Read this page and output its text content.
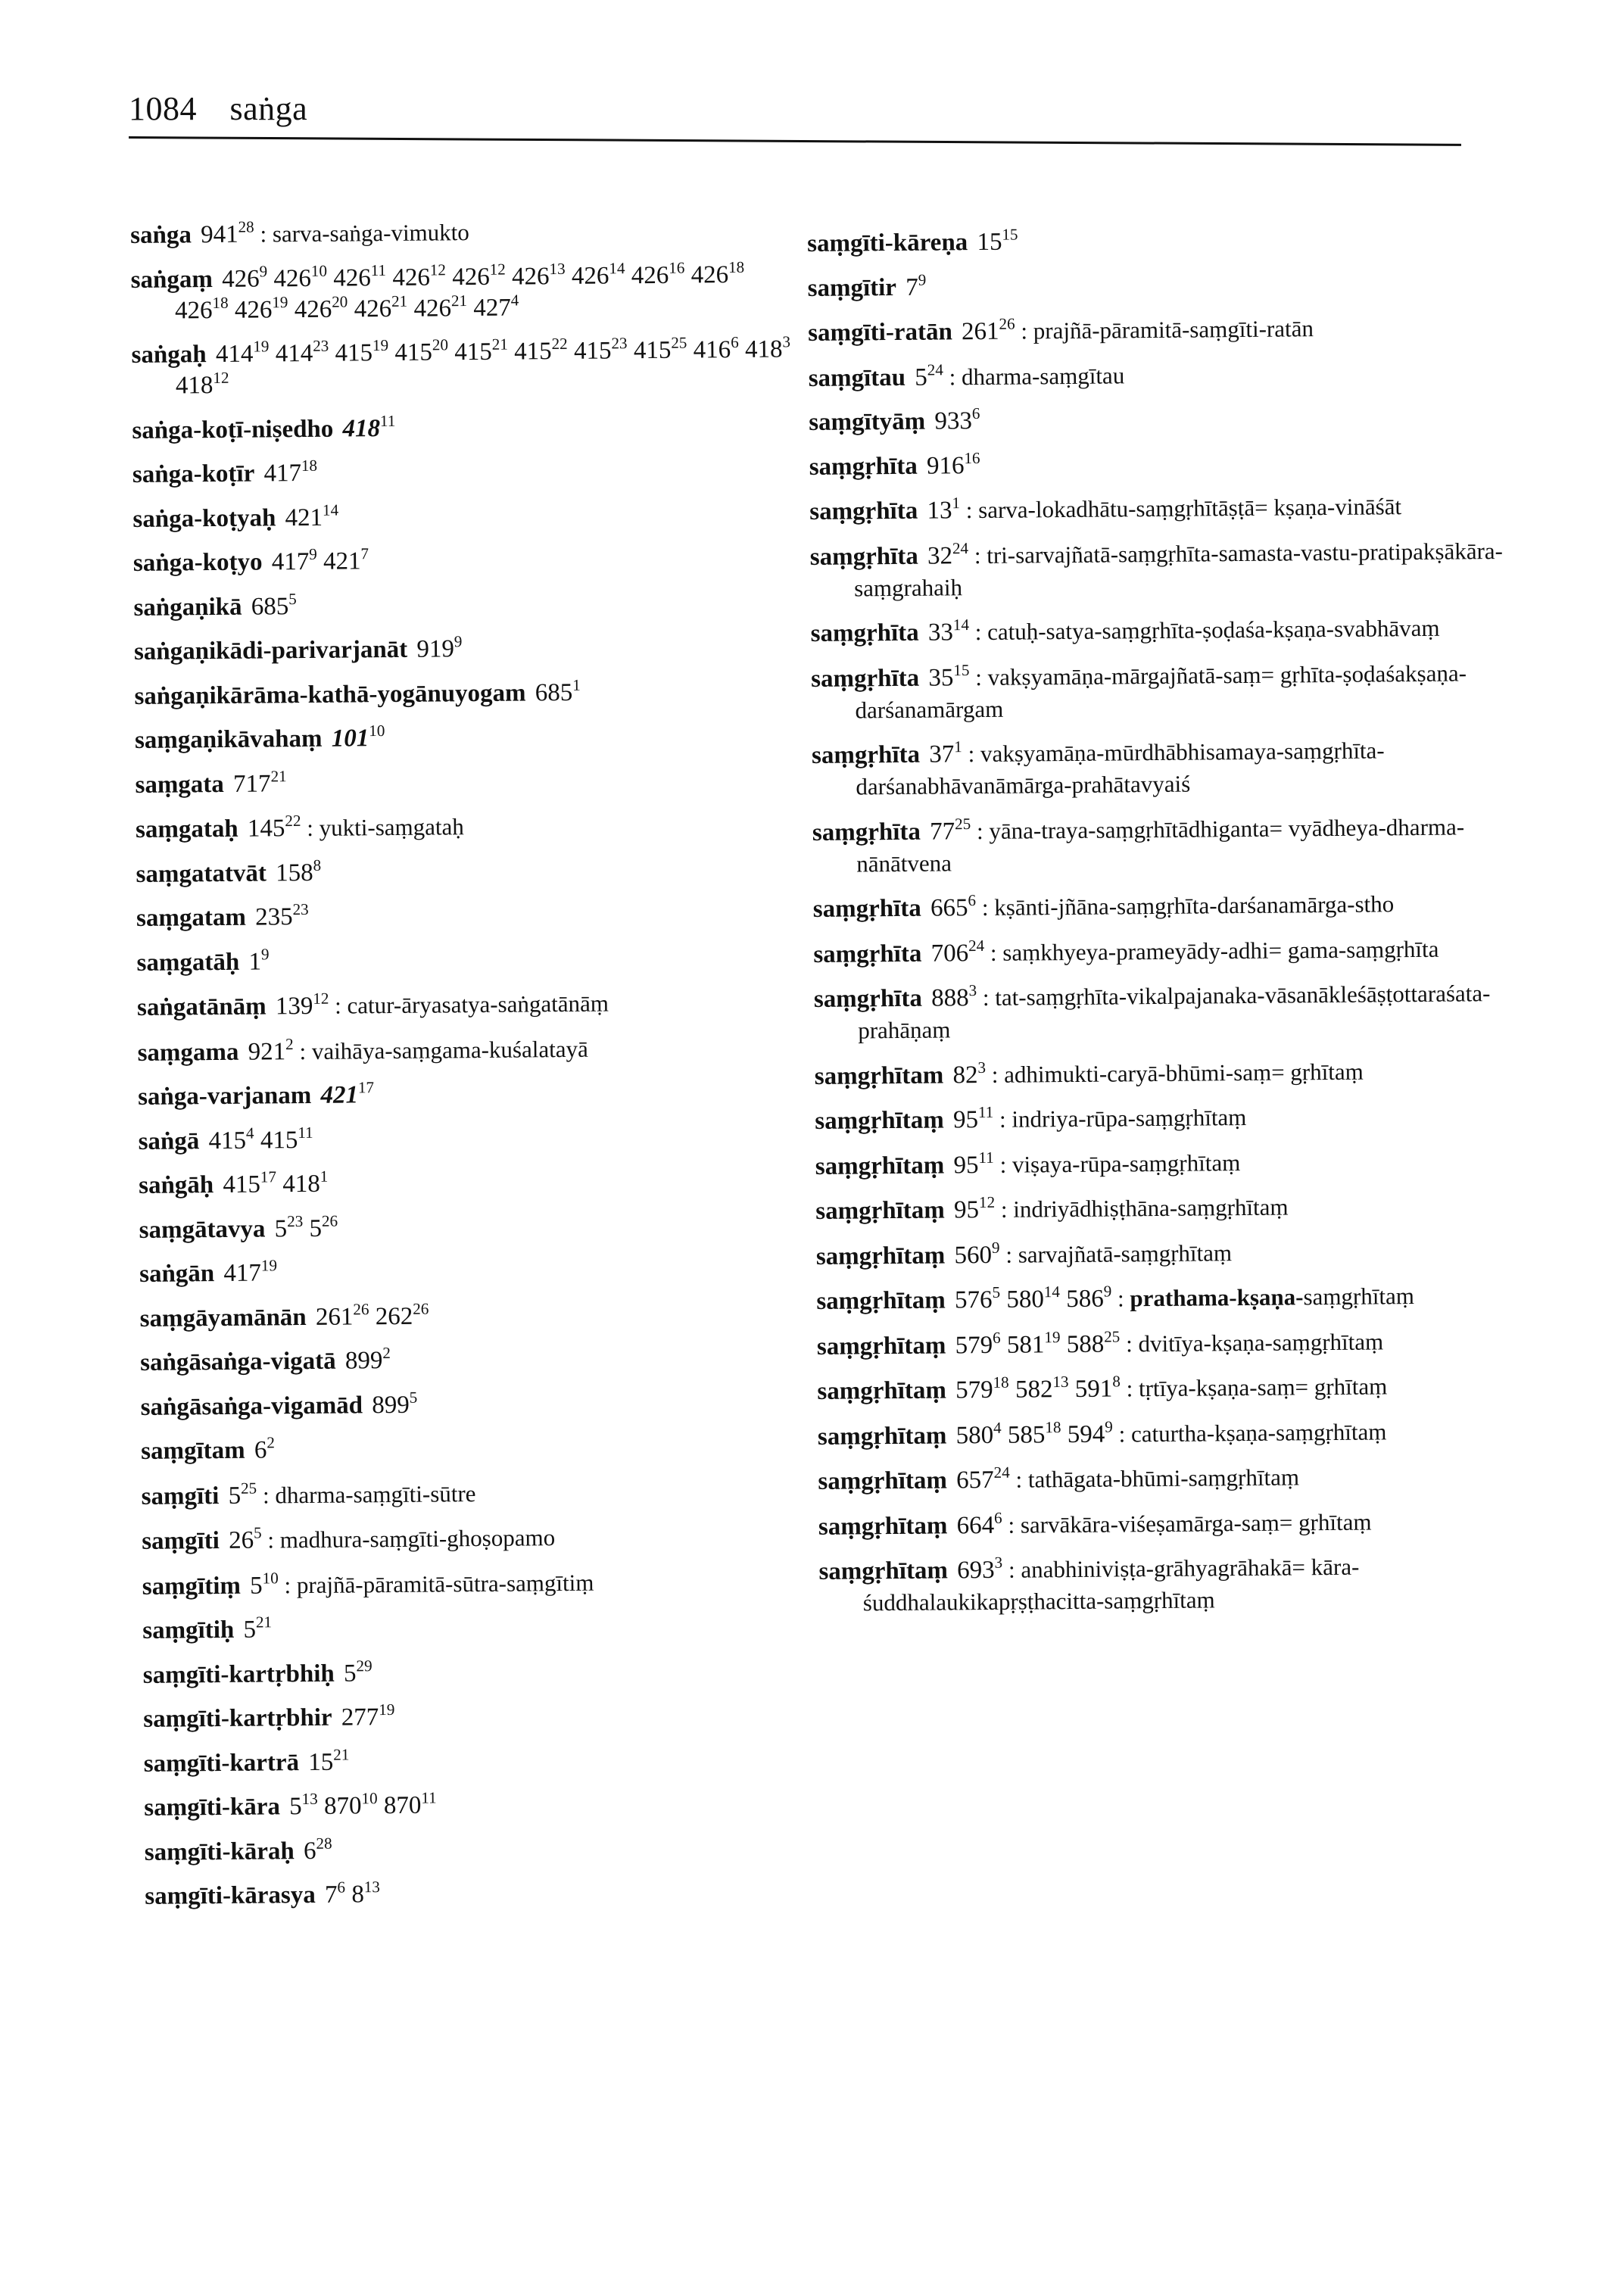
1084 saṅga
saṅga $941^{28}$ : sarva-saṅga-vimukto
saṅgaṃ $426^9$ $426^{10}$ $426^{11}$ $426^{12}$ $426^{12}$ $426^{13}$ $426^{14}$ $426^{16}$ $426^{18}$ $426^{18}$ $426^{19}$ $426^{20}$ $426^{21}$ $426^{21}$ $427^4$
saṅgaḥ $414^{19}$ $414^{23}$ $415^{19}$ $415^{20}$ $415^{21}$ $415^{22}$ $415^{23}$ $415^{25}$ $416^6$ $418^3$ $418^{12}$
saṅga-koṭī-niṣedho $418^{11}$
saṅga-koṭīr $417^{18}$
saṅga-koṭyaḥ $421^{14}$
saṅga-koṭyo $417^9$ $421^7$
saṅgaṇikā $685^5$
saṅgaṇikādi-parivarjanāt $919^9$
saṅgaṇikārāma-kathā-yogānuyogam $685^1$
saṃgaṇikāvahaṃ $101^{10}$
saṃgata $717^{21}$
saṃgataḥ $145^{22}$ : yukti-saṃgataḥ
saṃgatatvāt $158^8$
saṃgatam $235^{23}$
saṃgatāḥ $1^9$
saṅgatānāṃ $139^{12}$ : catur-āryasatya-saṅgatānāṃ
saṃgama $921^2$ : vaihāya-saṃgama-kuśalatayā
saṅga-varjanam $421^{17}$
saṅgā $415^4$ $415^{11}$
saṅgāḥ $415^{17}$ $418^1$
saṃgātavya $5^{23}$ $5^{26}$
saṅgān $417^{19}$
saṃgāyamānān $261^{26}$ $262^{26}$
saṅgāsaṅga-vigatā $899^2$
saṅgāsaṅga-vigamād $899^5$
saṃgītam $6^2$
saṃgīti $5^{25}$ : dharma-saṃgīti-sūtre
saṃgīti $26^5$ : madhura-saṃgīti-ghoṣopamo
saṃgītiṃ $5^{10}$ : prajñā-pāramitā-sūtra-saṃgītiṃ
saṃgītiḥ $5^{21}$
saṃgīti-kartṛbhiḥ $5^{29}$
saṃgīti-kartṛbhir $277^{19}$
saṃgīti-kartrā $15^{21}$
saṃgīti-kāra $5^{13}$ $870^{10}$ $870^{11}$
saṃgīti-kāraḥ $6^{28}$
saṃgīti-kārasya $7^6$ $8^{13}$
saṃgīti-kāreṇa $15^{15}$
saṃgītir $7^9$
saṃgīti-ratān $261^{26}$ : prajñā-pāramitā-saṃgīti-ratān
saṃgītau $5^{24}$ : dharma-saṃgītau
saṃgītyāṃ $933^6$
saṃgṛhīta $916^{16}$
saṃgṛhīta $13^1$ : sarva-lokadhātu-saṃgṛhītāṣṭā= kṣaṇa-vināśāt
saṃgṛhīta $32^{24}$ : tri-sarvajñatā-saṃgṛhīta-samasta-vastu-pratipakṣākāra-saṃgrahaiḥ
saṃgṛhīta $33^{14}$ : catuḥ-satya-saṃgṛhīta-ṣoḍaśa-kṣaṇa-svabhāvaṃ
saṃgṛhīta $35^{15}$ : vakṣyamāṇa-mārgajñatā-saṃ= gṛhīta-ṣoḍaśakṣaṇa-darśanamārgam
saṃgṛhīta $37^1$ : vakṣyamāṇa-mūrdhābhisamaya-saṃgṛhīta-darśanabhāvanāmārga-prahātavyaiś
saṃgṛhīta $77^{25}$ : yāna-traya-saṃgṛhītādhiganta= vyādheya-dharma-nānātvena
saṃgṛhīta $665^6$ : kṣānti-jñāna-saṃgṛhīta-darśanamārga-stho
saṃgṛhīta $706^{24}$ : saṃkhyeya-prameyādy-adhi= gama-saṃgṛhīta
saṃgṛhīta $888^3$ : tat-saṃgṛhīta-vikalpajanaka-vāsanākleśāṣṭottaraśata-prahāṇaṃ
saṃgṛhītam $82^3$ : adhimukti-caryā-bhūmi-saṃ= gṛhītaṃ
saṃgṛhītaṃ $95^{11}$ : indriya-rūpa-saṃgṛhītaṃ
saṃgṛhītaṃ $95^{11}$ : viṣaya-rūpa-saṃgṛhītaṃ
saṃgṛhītaṃ $95^{12}$ : indriyādhiṣṭhāna-saṃgṛhītaṃ
saṃgṛhītaṃ $560^9$ : sarvajñatā-saṃgṛhītaṃ
saṃgṛhītaṃ $576^5$ $580^{14}$ $586^9$ : prathama-kṣaṇa-saṃgṛhītaṃ
saṃgṛhītaṃ $579^6$ $581^{19}$ $588^{25}$ : dvitīya-kṣaṇa-saṃgṛhītaṃ
saṃgṛhītaṃ $579^{18}$ $582^{13}$ $591^8$ : tṛtīya-kṣaṇa-saṃ= gṛhītaṃ
saṃgṛhītaṃ $580^4$ $585^{18}$ $594^9$ : caturtha-kṣaṇa-saṃgṛhītaṃ
saṃgṛhītaṃ $657^{24}$ : tathāgata-bhūmi-saṃgṛhītaṃ
saṃgṛhītaṃ $664^6$ : sarvākāra-viśeṣamārga-saṃ= gṛhītaṃ
saṃgṛhītaṃ $693^3$ : anabhiniviṣṭa-grāhyagrāhakā= kāra-śuddhalaukikapṛṣṭhacitta-saṃgṛhītaṃ
